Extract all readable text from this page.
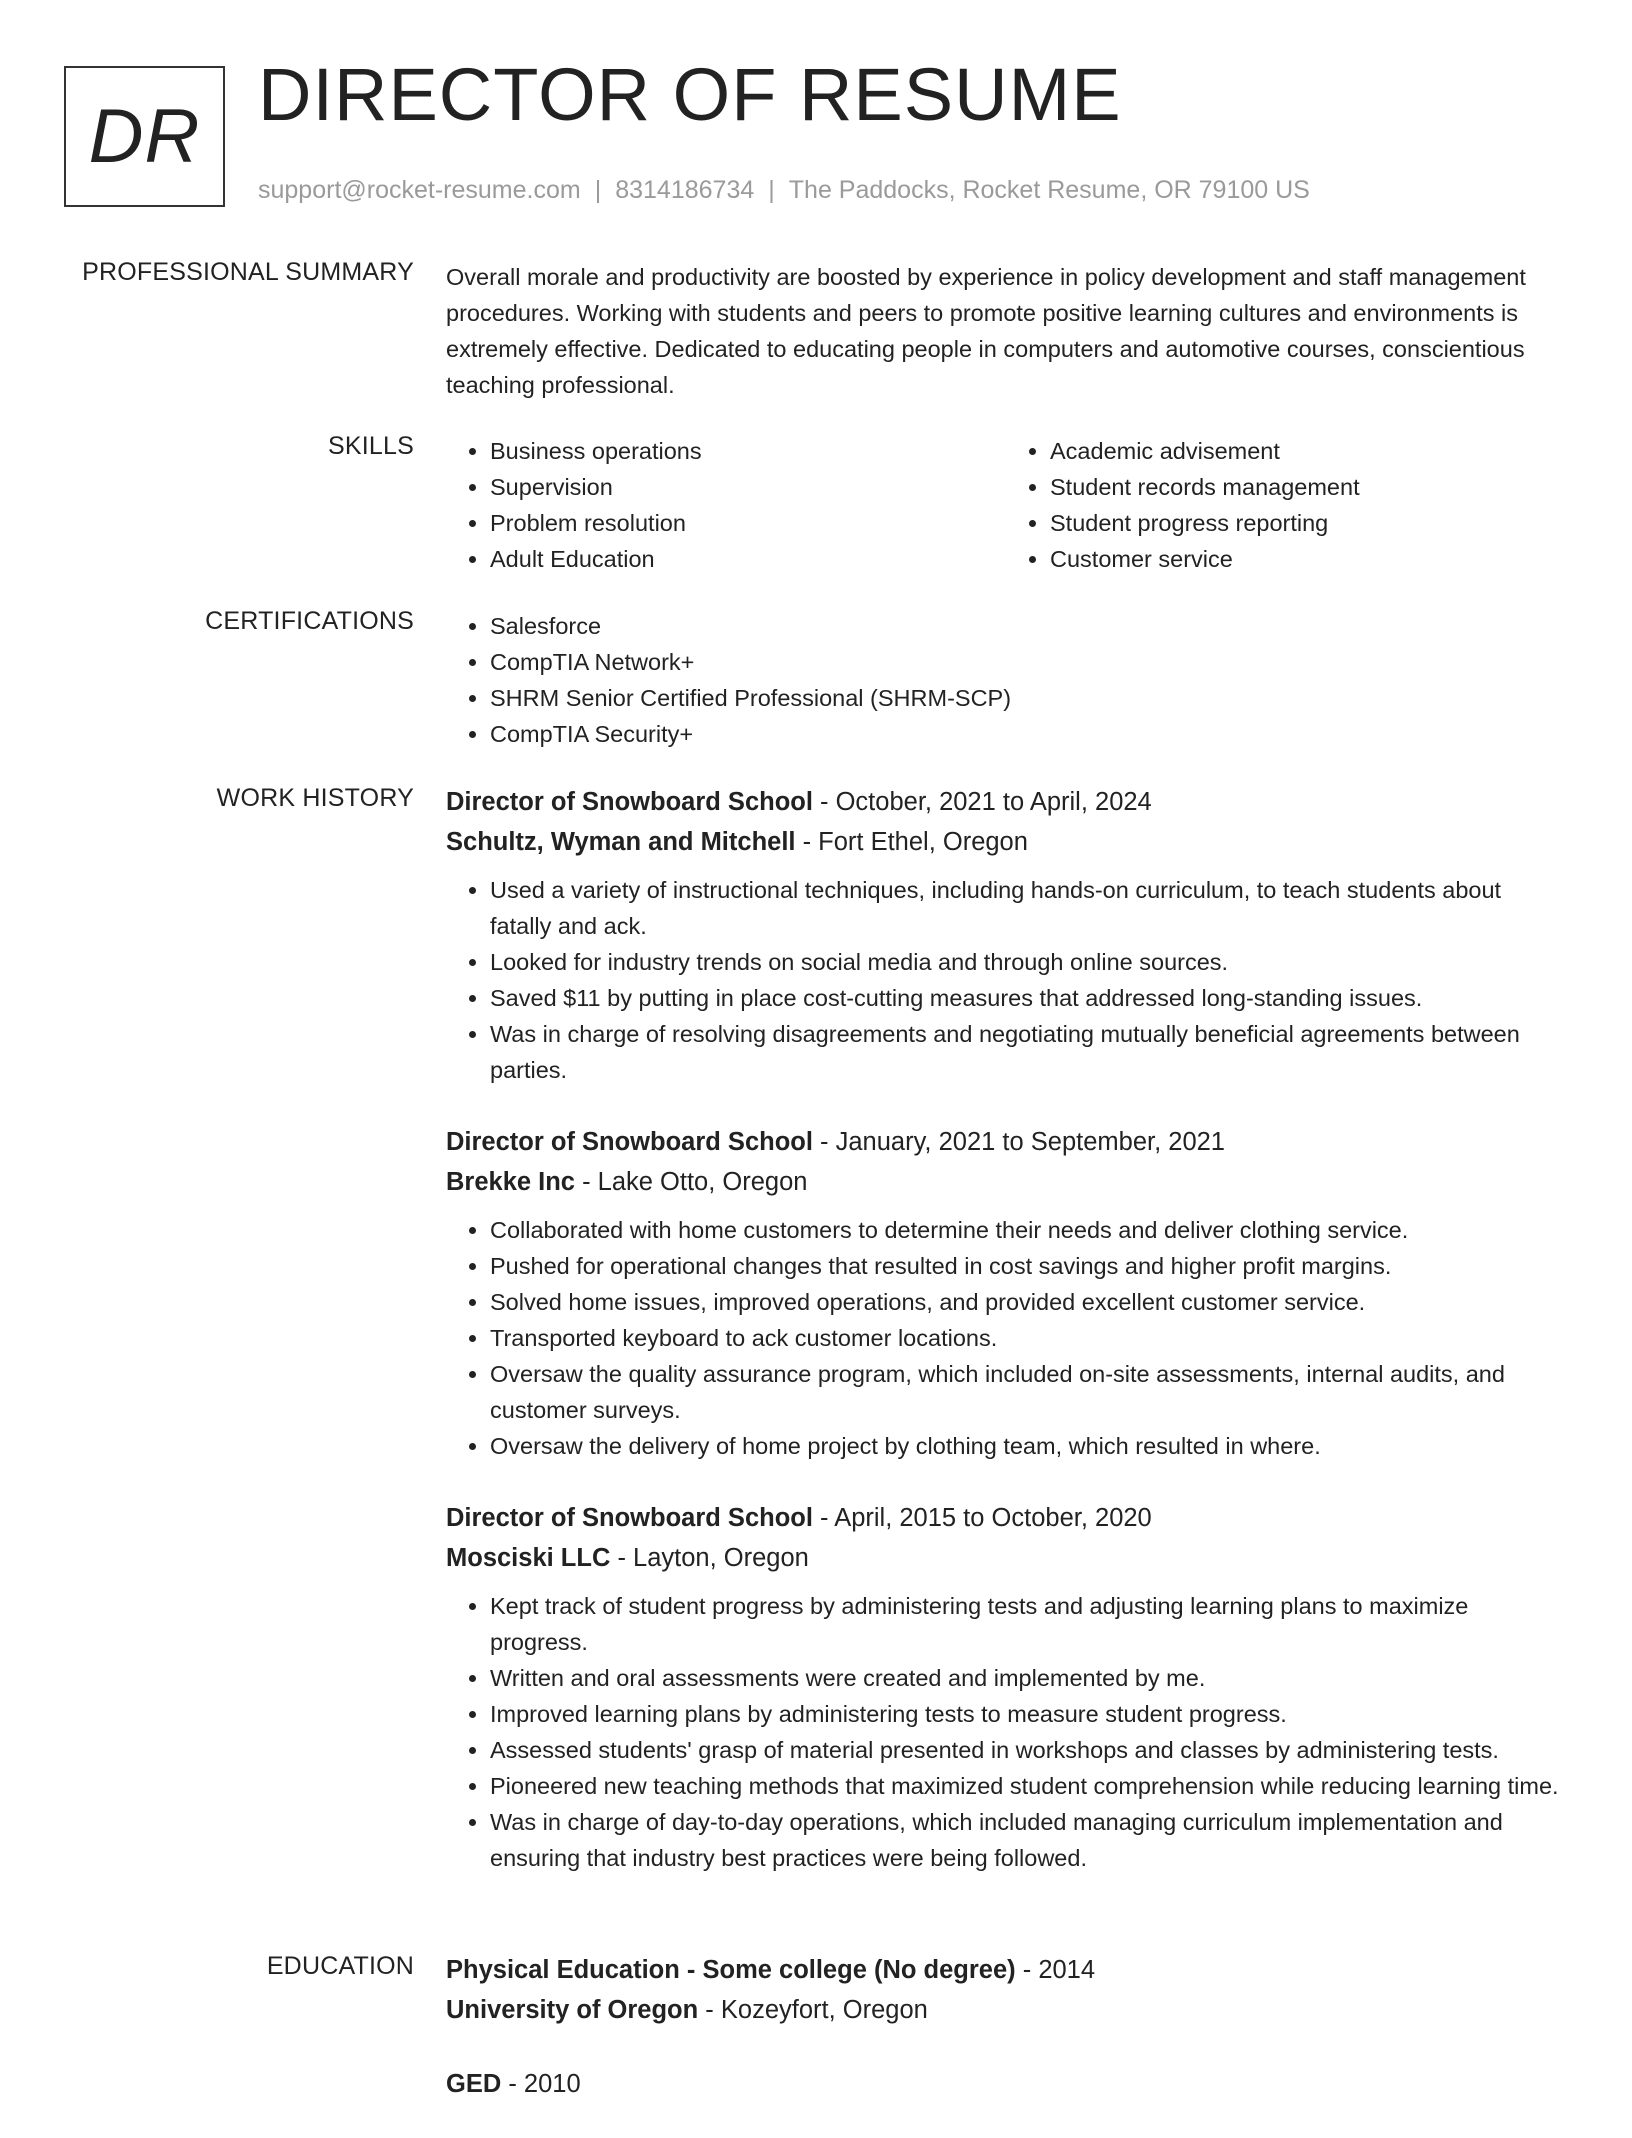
DR DIRECTOR OF RESUME
support@rocket-resume.com | 8314186734 | The Paddocks, Rocket Resume, OR 79100 US
PROFESSIONAL SUMMARY Overall morale and productivity are boosted by experience in policy development and staff management procedures. Working with students and peers to promote positive learning cultures and environments is extremely effective. Dedicated to educating people in computers and automotive courses, conscientious teaching professional.
SKILLS	• Business operations
• Supervision
• Problem resolution
• Adult Education
• Academic advisement
• Student records management
• Student progress reporting
• Customer service
CERTIFICATIONS	• Salesforce
• CompTIA Network+
• SHRM Senior Certified Professional (SHRM-SCP)
• CompTIA Security+
WORK HISTORY Director of Snowboard School - October, 2021 to April, 2024
Schultz, Wyman and Mitchell - Fort Ethel, Oregon
• Used a variety of instructional techniques, including hands-on curriculum, to teach students about fatally and ack.
• Looked for industry trends on social media and through online sources.
• Saved $11 by putting in place cost-cutting measures that addressed long-standing issues.
• Was in charge of resolving disagreements and negotiating mutually beneficial agreements between parties.
Director of Snowboard School - January, 2021 to September, 2021
Brekke Inc - Lake Otto, Oregon
• Collaborated with home customers to determine their needs and deliver clothing service.
• Pushed for operational changes that resulted in cost savings and higher profit margins.
• Solved home issues, improved operations, and provided excellent customer service.
• Transported keyboard to ack customer locations.
• Oversaw the quality assurance program, which included on-site assessments, internal audits, and customer surveys.
• Oversaw the delivery of home project by clothing team, which resulted in where.
Director of Snowboard School - April, 2015 to October, 2020
Mosciski LLC - Layton, Oregon
• Kept track of student progress by administering tests and adjusting learning plans to maximize progress.
• Written and oral assessments were created and implemented by me.
• Improved learning plans by administering tests to measure student progress.
• Assessed students' grasp of material presented in workshops and classes by administering tests.
• Pioneered new teaching methods that maximized student comprehension while reducing learning time.
• Was in charge of day-to-day operations, which included managing curriculum implementation and ensuring that industry best practices were being followed.
EDUCATION Physical Education - Some college (No degree) - 2014
University of Oregon - Kozeyfort, Oregon
GED - 2010
